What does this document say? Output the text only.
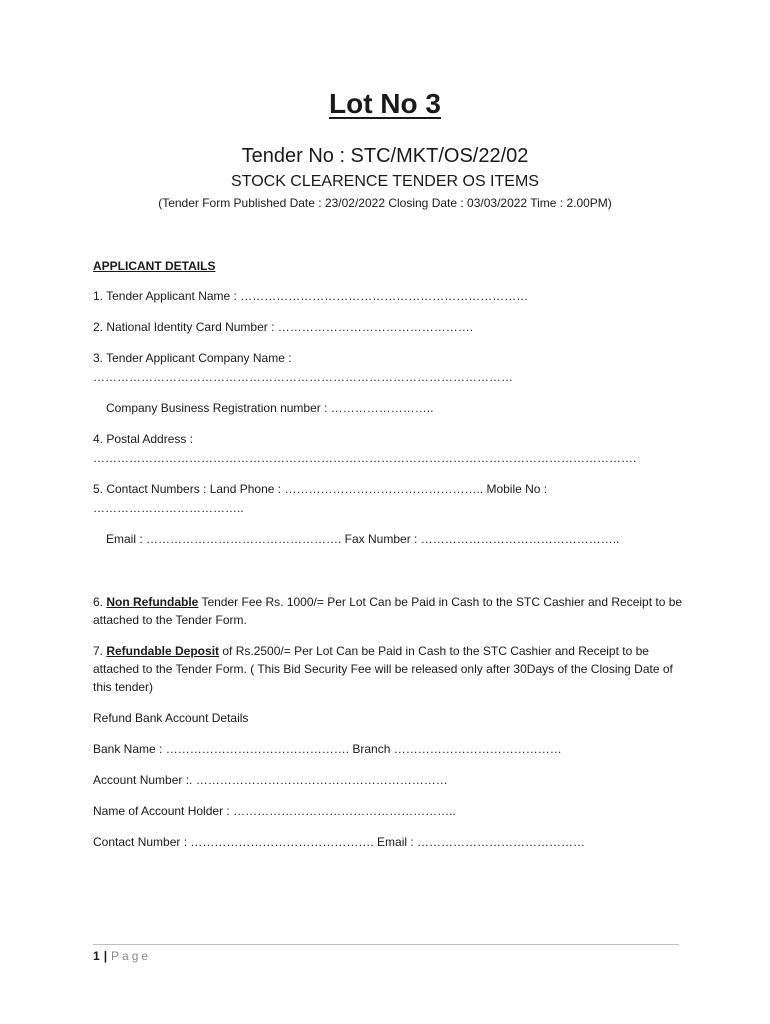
Lot No 3
Tender No : STC/MKT/OS/22/02
STOCK CLEARENCE TENDER OS ITEMS
(Tender Form Published Date : 23/02/2022 Closing Date : 03/03/2022 Time : 2.00PM)
APPLICANT DETAILS
1. Tender Applicant Name : ………………………………………………………………
2. National Identity Card Number : ………………………………………….
3. Tender Applicant Company Name :
……………………………………………………………………………………………
Company Business Registration number : ……………………..
4. Postal Address :
……………………………………………………………………………………………………………………….
5. Contact Numbers : Land Phone : ………………………………………….. Mobile No :
………………………………..
Email : …………………………………………. Fax Number : …………………………………………..
6. Non Refundable Tender Fee Rs. 1000/= Per Lot Can be Paid in Cash to the STC Cashier and Receipt to be attached to the Tender Form.
7. Refundable Deposit of Rs.2500/= Per Lot Can be Paid in Cash to the STC Cashier and Receipt to be attached to the Tender Form. ( This Bid Security Fee will be released only after 30Days of the Closing Date of this tender)
Refund Bank Account Details
Bank Name : ………………………………………. Branch ……………………………………
Account Number :. ………………………………………………………
Name of Account Holder : ………………………………………………..
Contact Number : ………………………………………. Email : ……………………………………
1 | Page
